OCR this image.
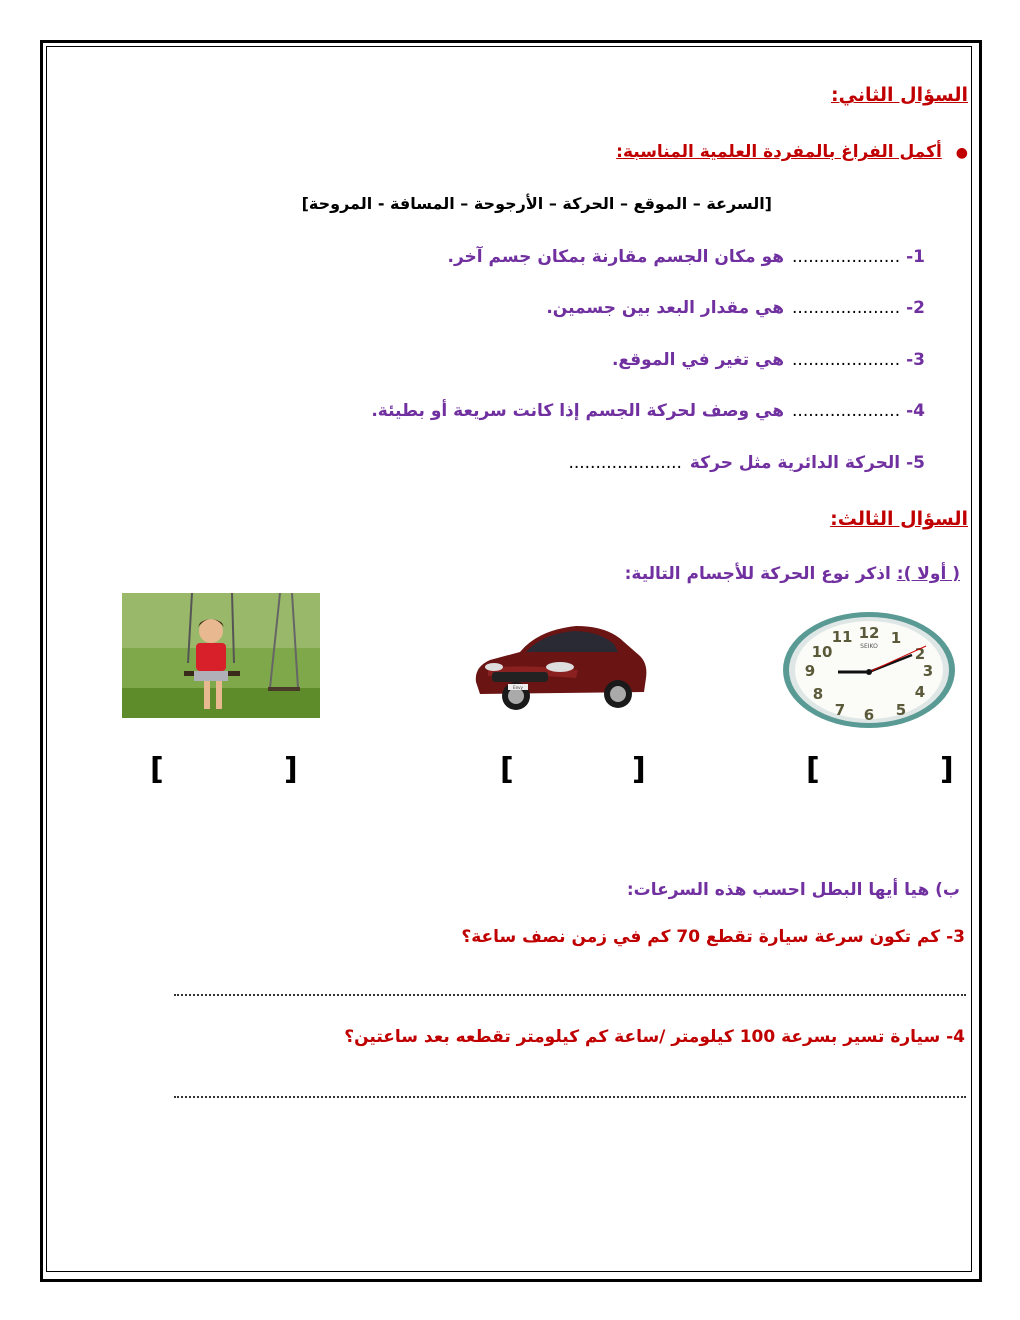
السؤال الثاني:
●أكمل الفراغ بالمفردة العلمية المناسبة:
[السرعة – الموقع – الحركة – الأرجوحة – المسافة - المروحة]
1-....................هو مكان الجسم مقارنة بمكان جسم آخر.
2-....................هي مقدار البعد بين جسمين.
3-....................هي تغير في الموقع.
4-....................هي وصف لحركة الجسم إذا كانت سريعة أو بطيئة.
5-الحركة الدائرية مثل حركة.....................
السؤال الثالث:
( أولا ): اذكر نوع الحركة للأجسام التالية:
SEIKO
12 1
2
3
4
5
6
7
8
9
10
11
Envy
[
]
[
]
[
]
ب) هيا أيها البطل احسب هذه السرعات:
3- كم تكون سرعة سيارة تقطع 70 كم في زمن نصف ساعة؟
4- سيارة تسير بسرعة 100 كيلومتر /ساعة كم كيلومتر تقطعه بعد ساعتين؟
